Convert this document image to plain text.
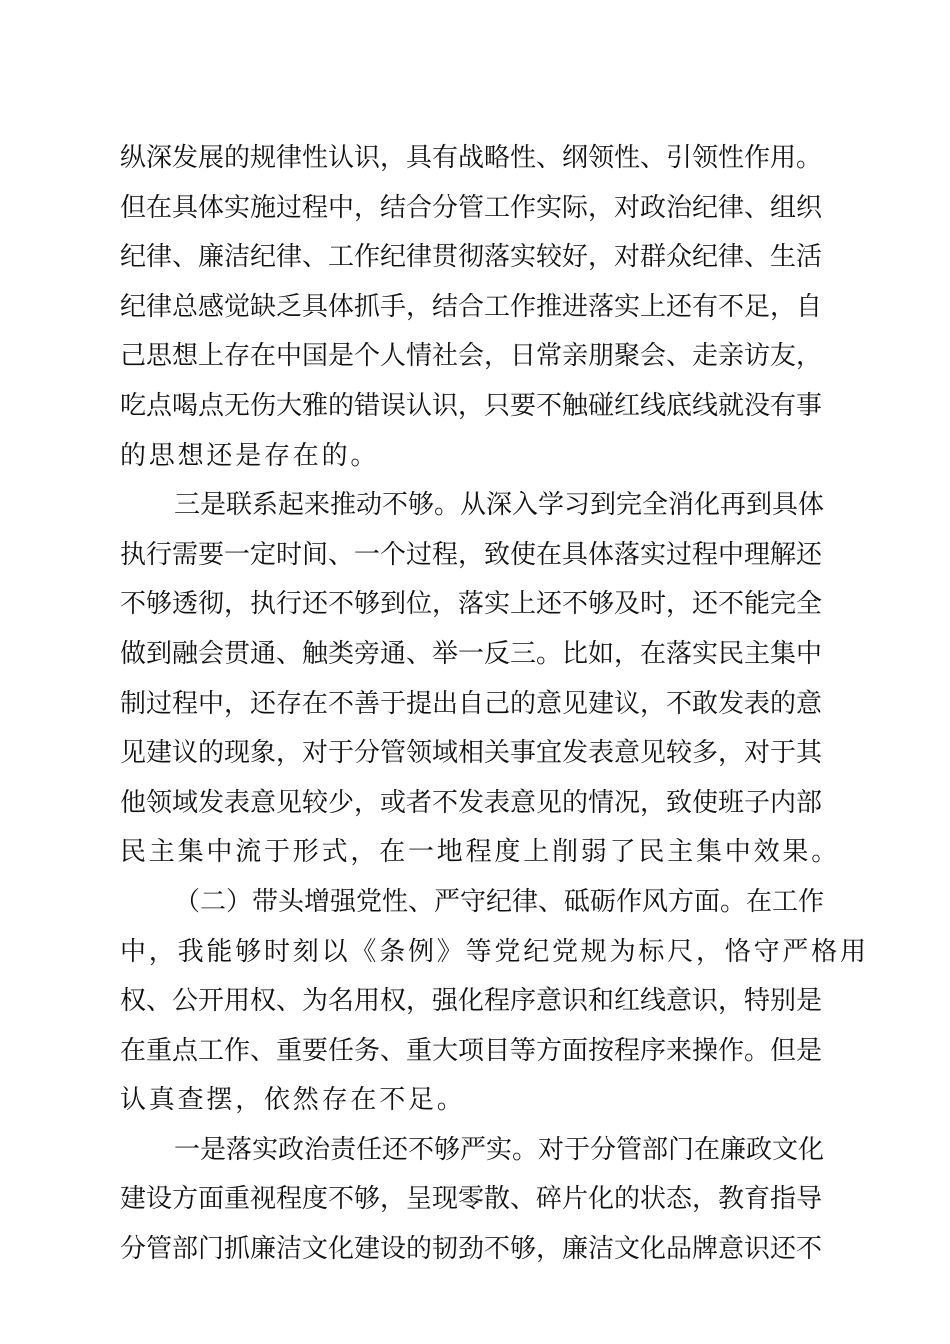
纵深发展的规律性认识，具有战略性、纲领性、引领性作用。
但在具体实施过程中，结合分管工作实际，对政治纪律、组织
纪律、廉洁纪律、工作纪律贯彻落实较好，对群众纪律、生活
纪律总感觉缺乏具体抓手，结合工作推进落实上还有不足，自
己思想上存在中国是个人情社会，日常亲朋聚会、走亲访友，
吃点喝点无伤大雅的错误认识，只要不触碰红线底线就没有事
的思想还是存在的。
三是联系起来推动不够。从深入学习到完全消化再到具体
执行需要一定时间、一个过程，致使在具体落实过程中理解还
不够透彻，执行还不够到位，落实上还不够及时，还不能完全
做到融会贯通、触类旁通、举一反三。比如，在落实民主集中
制过程中，还存在不善于提出自己的意见建议，不敢发表的意
见建议的现象，对于分管领域相关事宜发表意见较多，对于其
他领域发表意见较少，或者不发表意见的情况，致使班子内部
民主集中流于形式，在一地程度上削弱了民主集中效果。
（二）带头增强党性、严守纪律、砥砺作风方面。 在工作
中，我能够时刻以《条例》等党纪党规为标尺，恪守严格用
权、公开用权、为名用权，强化程序意识和红线意识，特别是
在重点工作、重要任务、重大项目等方面按程序来操作。但是
认真查摆，依然存在不足。
一是落实政治责任还不够严实。对于分管部门在廉政文化
建设方面重视程度不够，呈现零散、碎片化的状态，教育指导
分管部门抓廉洁文化建设的韧劲不够，廉洁文化品牌意识还不
